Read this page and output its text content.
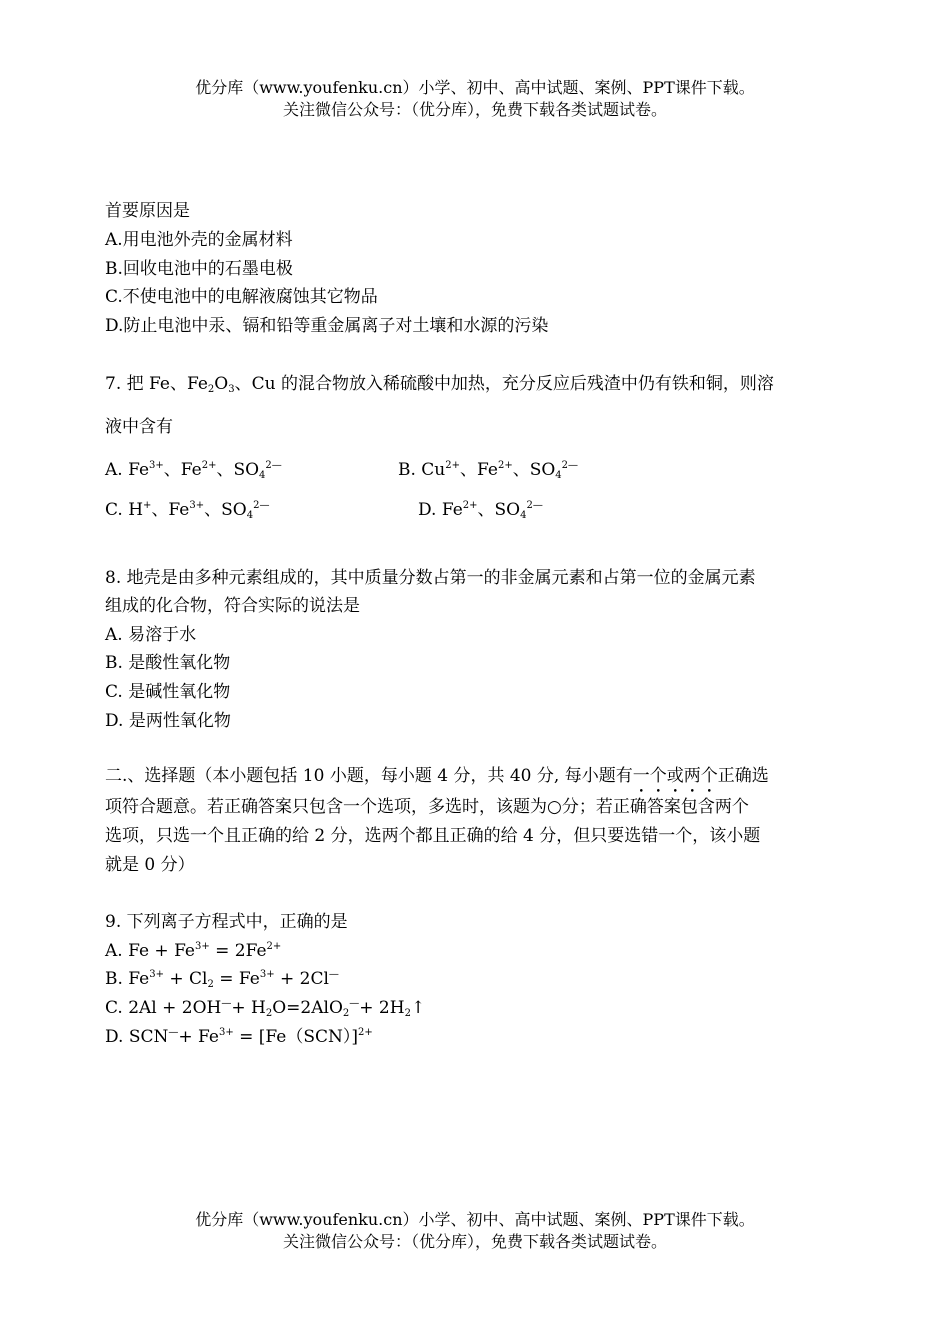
优分库（www.youfenku.cn）小学、初中、高中试题、案例、PPT课件下载。
关注微信公众号：（优分库），免费下载各类试题试卷。
首要原因是
A.用电池外壳的金属材料
B.回收电池中的石墨电极
C.不使电池中的电解液腐蚀其它物品
D.防止电池中汞、镉和铅等重金属离子对土壤和水源的污染
7. 把 Fe、$Fe_2O_3$、Cu 的混合物放入稀硫酸中加热，充分反应后残渣中仍有铁和铜，则溶
液中含有
A. $Fe^{3+}$、$Fe^{2+}$、$SO_4^{2—}$	B. $Cu^{2+}$、$Fe^{2+}$、$SO_4^{2—}$
C. H+、$Fe^{3+}$、$SO_4^{2—}$	D. $Fe^{2+}$、$SO_4^{2—}$
8. 地壳是由多种元素组成的，其中质量分数占第一的非金属元素和占第一位的金属元素
组成的化合物，符合实际的说法是
A. 易溶于水
B. 是酸性氧化物
C. 是碱性氧化物
D. 是两性氧化物
二.、选择题（本小题包括 10 小题，每小题 4 分，共 40 分, 每小题有一个或两个正确选
项符合题意。若正确答案只包含一个选项，多选时，该题为○分；若正确答案包含两个
选项，只选一个且正确的给 2 分，选两个都且正确的给 4 分，但只要选错一个，该小题
就是 0 分）
9. 下列离子方程式中，正确的是
A. $Fe + Fe^{3+} = 2Fe^{2+}$
B. $Fe^{3+} + Cl_2 = Fe^{3+} + 2Cl^—$
C. $2Al + 2OH^—+ H_2O=2AlO_2^—+$ $2H_2↑$
D. $SCN^—+ Fe^{3+} = [Fe(SCN)]^{2+}$
优分库（www.youfenku.cn）小学、初中、高中试题、案例、PPT课件下载。
关注微信公众号：（优分库），免费下载各类试题试卷。
